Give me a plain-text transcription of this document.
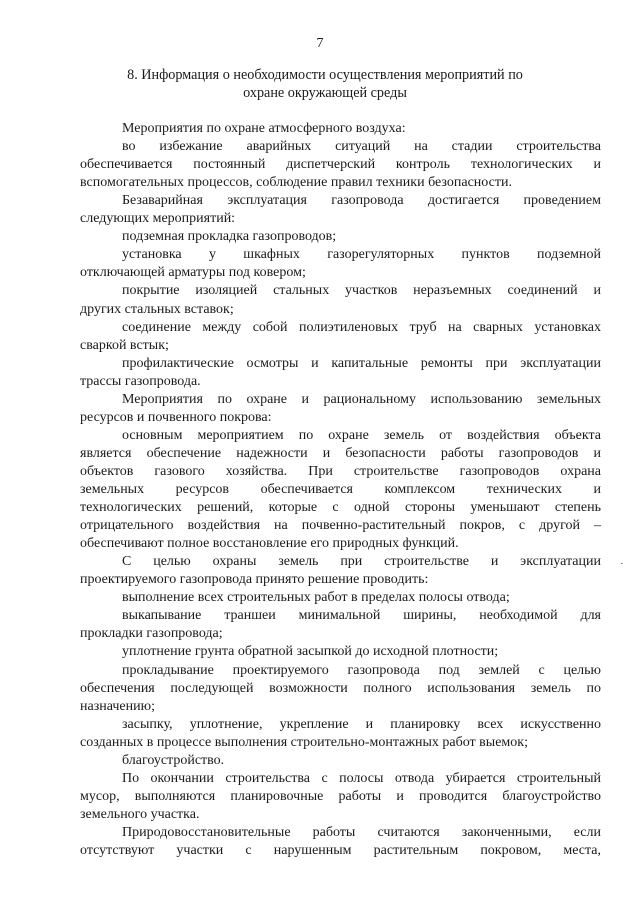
7
8. Информация о необходимости осуществления мероприятий по
охране окружающей среды
Мероприятия по охране атмосферного воздуха:
во избежание аварийных ситуаций на стадии строительства
обеспечивается постоянный диспетчерский контроль технологических и
вспомогательных процессов, соблюдение правил техники безопасности.
Безаварийная эксплуатация газопровода достигается проведением
следующих мероприятий:
подземная прокладка газопроводов;
установка у шкафных газорегуляторных пунктов подземной
отключающей арматуры под ковером;
покрытие изоляцией стальных участков неразъемных соединений и
других стальных вставок;
соединение между собой полиэтиленовых труб на сварных установках
сваркой встык;
профилактические осмотры и капитальные ремонты при эксплуатации
трассы газопровода.
Мероприятия по охране и рациональному использованию земельных
ресурсов и почвенного покрова:
основным мероприятием по охране земель от воздействия объекта
является обеспечение надежности и безопасности работы газопроводов и
объектов газового хозяйства. При строительстве газопроводов охрана
земельных ресурсов обеспечивается комплексом технических и
технологических решений, которые с одной стороны уменьшают степень
отрицательного воздействия на почвенно-растительный покров, с другой –
обеспечивают полное восстановление его природных функций.
С целью охраны земель при строительстве и эксплуатации
проектируемого газопровода принято решение проводить:
выполнение всех строительных работ в пределах полосы отвода;
выкапывание траншеи минимальной ширины, необходимой для
прокладки газопровода;
уплотнение грунта обратной засыпкой до исходной плотности;
прокладывание проектируемого газопровода под землей с целью
обеспечения последующей возможности полного использования земель по
назначению;
засыпку, уплотнение, укрепление и планировку всех искусственно
созданных в процессе выполнения строительно-монтажных работ выемок;
благоустройство.
По окончании строительства с полосы отвода убирается строительный
мусор, выполняются планировочные работы и проводится благоустройство
земельного участка.
Природовосстановительные работы считаются законченными, если
отсутствуют участки с нарушенным растительным покровом, места,
·
